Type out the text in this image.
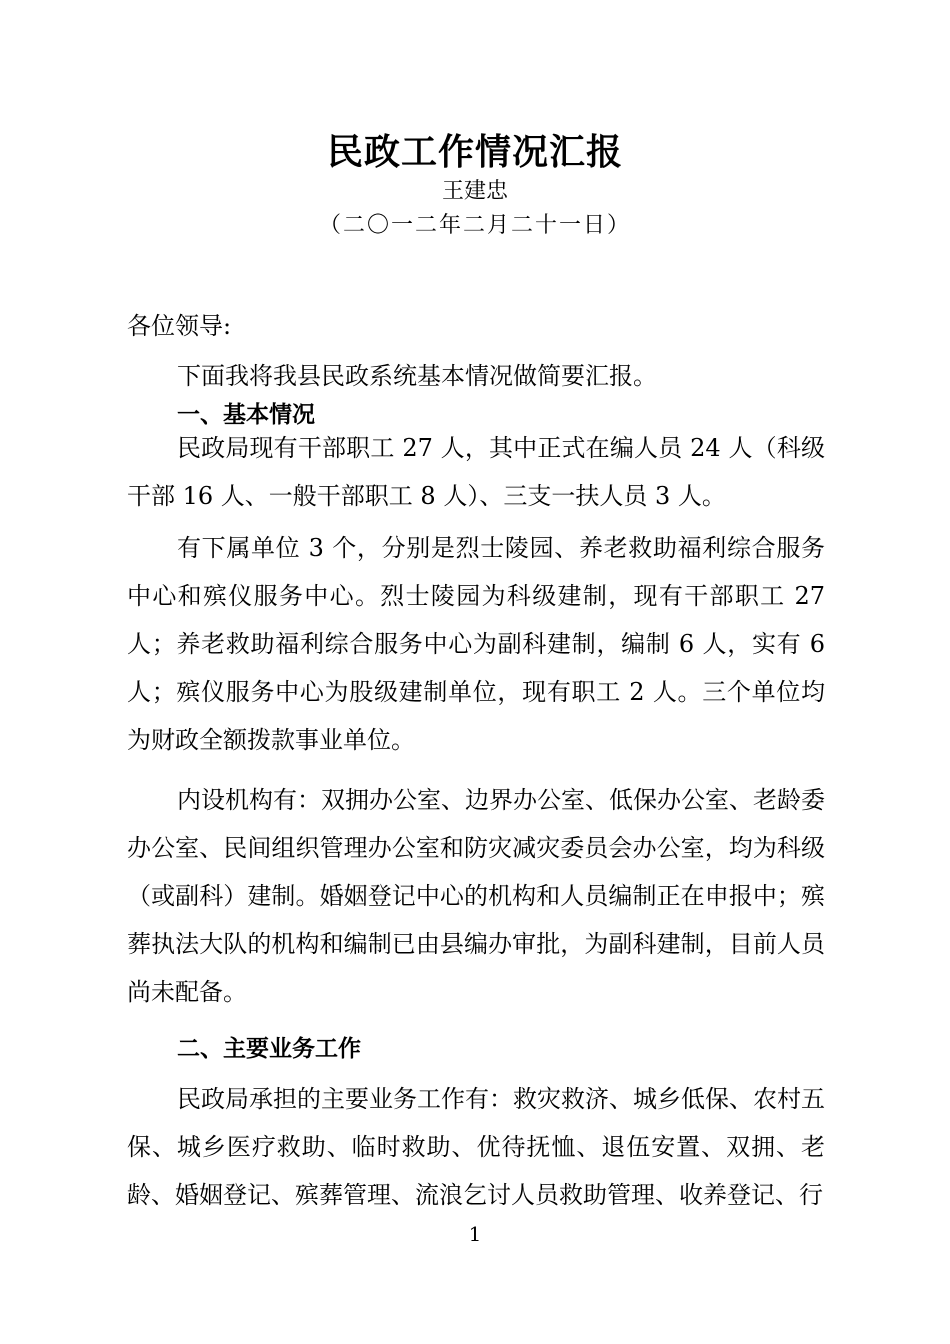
民政工作情况汇报
王建忠
（二〇一二年二月二十一日）
各位领导:
下面我将我县民政系统基本情况做简要汇报。
一、基本情况
民政局现有干部职工 27 人，其中正式在编人员 24 人（科级干部 16 人、一般干部职工 8 人）、三支一扶人员 3 人。
有下属单位 3 个，分别是烈士陵园、养老救助福利综合服务中心和殡仪服务中心。烈士陵园为科级建制，现有干部职工 27 人；养老救助福利综合服务中心为副科建制，编制 6 人，实有 6 人；殡仪服务中心为股级建制单位，现有职工 2 人。三个单位均为财政全额拨款事业单位。
内设机构有：双拥办公室、边界办公室、低保办公室、老龄委办公室、民间组织管理办公室和防灾减灾委员会办公室，均为科级（或副科）建制。婚姻登记中心的机构和人员编制正在申报中；殡葬执法大队的机构和编制已由县编办审批，为副科建制，目前人员尚未配备。
二、主要业务工作
民政局承担的主要业务工作有：救灾救济、城乡低保、农村五保、城乡医疗救助、临时救助、优待抚恤、退伍安置、双拥、老龄、婚姻登记、殡葬管理、流浪乞讨人员救助管理、收养登记、行
1
